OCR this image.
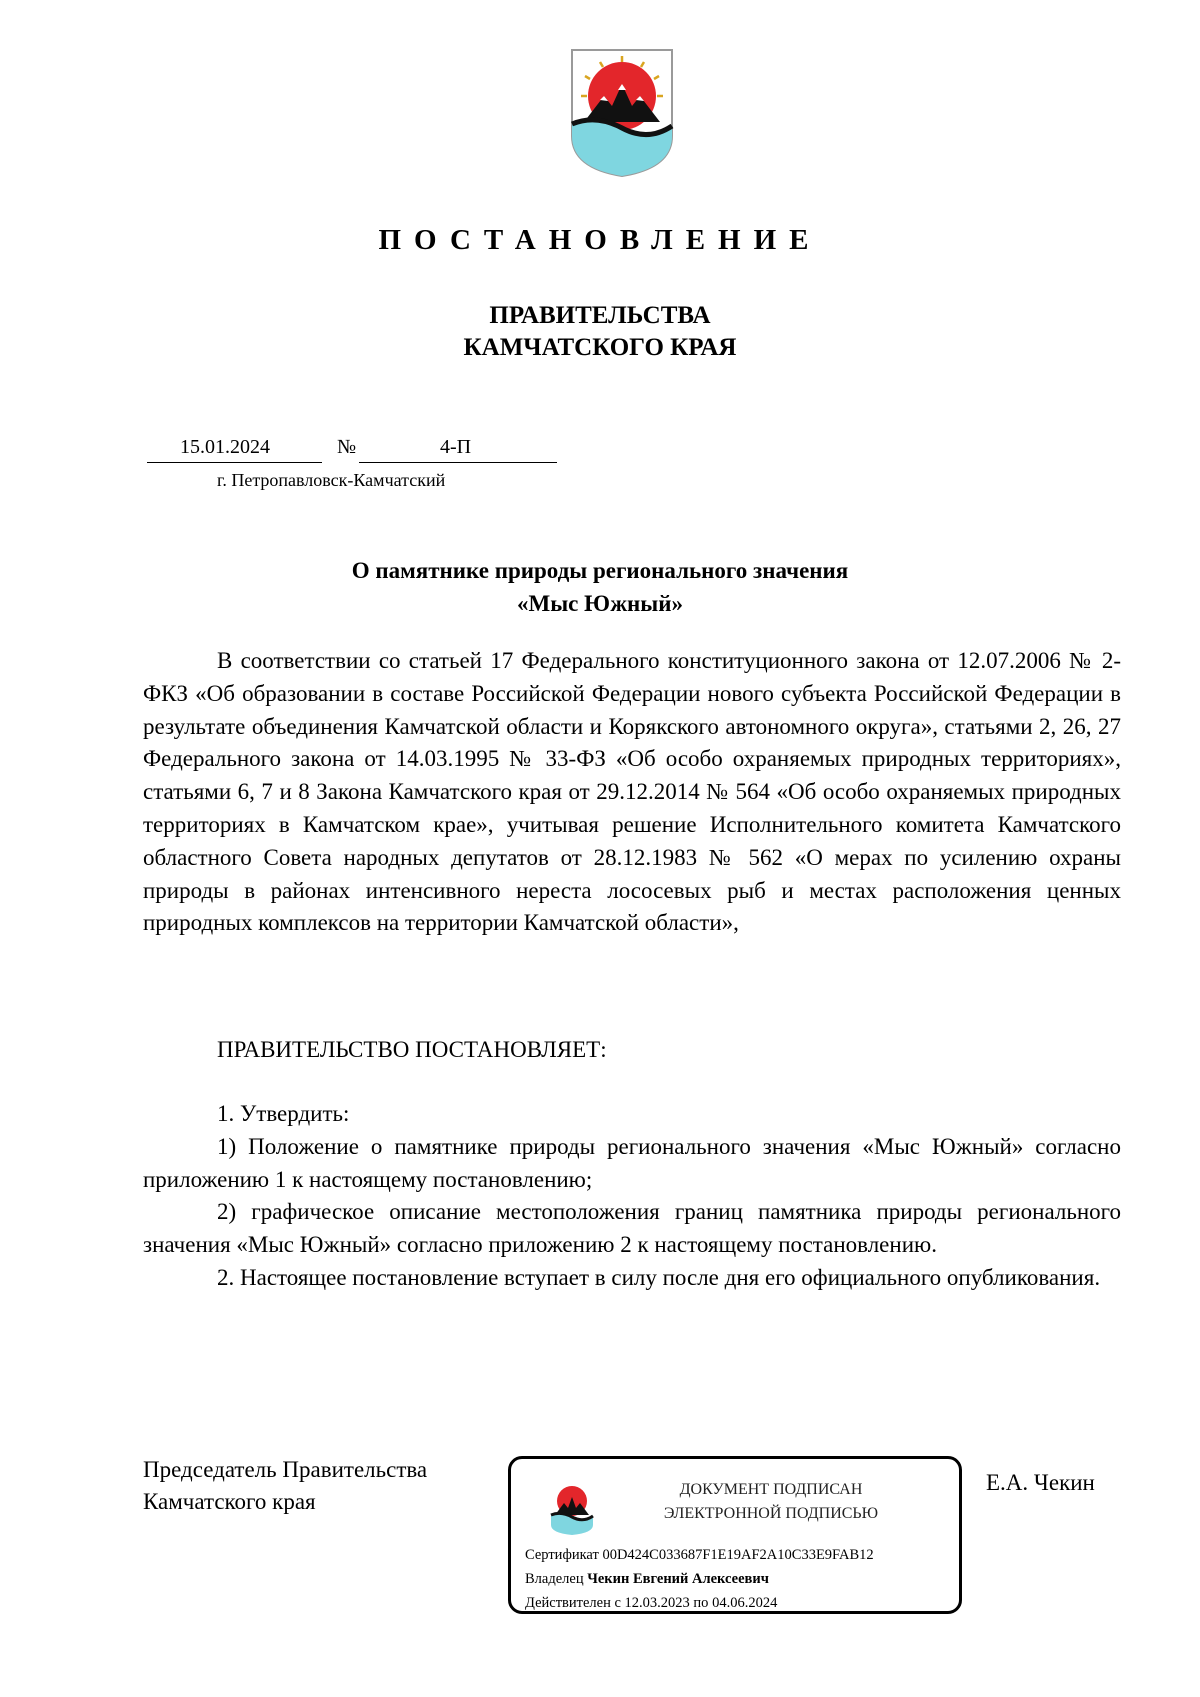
ПОСТАНОВЛЕНИЕ
ПРАВИТЕЛЬСТВА
КАМЧАТСКОГО КРАЯ
15.01.2024	№	4-П
г. Петропавловск-Камчатский
О памятнике природы регионального значения
«Мыс Южный»

В соответствии со статьей 17 Федерального конституционного закона от 12.07.2006 № 2-ФКЗ «Об образовании в составе Российской Федерации нового субъекта Российской Федерации в результате объединения Камчатской области и Корякского автономного округа», статьями 2, 26, 27 Федерального закона от 14.03.1995 № 33-ФЗ «Об особо охраняемых природных территориях», статьями 6, 7 и 8 Закона Камчатского края от 29.12.2014 № 564 «Об особо охраняемых природных территориях в Камчатском крае», учитывая решение Исполнительного комитета Камчатского областного Совета народных депутатов от 28.12.1983 № 562 «О мерах по усилению охраны природы в районах интенсивного нереста лососевых рыб и местах расположения ценных природных комплексов на территории Камчатской области»,

ПРАВИТЕЛЬСТВО ПОСТАНОВЛЯЕТ:

1. Утвердить:

1) Положение о памятнике природы регионального значения «Мыс Южный» согласно приложению 1 к настоящему постановлению;

2) графическое описание местоположения границ памятника природы регионального значения «Мыс Южный» согласно приложению 2 к настоящему постановлению.

2. Настоящее постановление вступает в силу после дня его официального опубликования.

Председатель Правительства
Камчатского края	ДОКУМЕНТ ПОДПИСАН
ЭЛЕКТРОННОЙ ПОДПИСЬЮ
Сертификат 00D424C033687F1E19AF2A10C33E9FAB12
Владелец Чекин Евгений Алексеевич
Действителен с 12.03.2023 по 04.06.2024
Е.А. Чекин
